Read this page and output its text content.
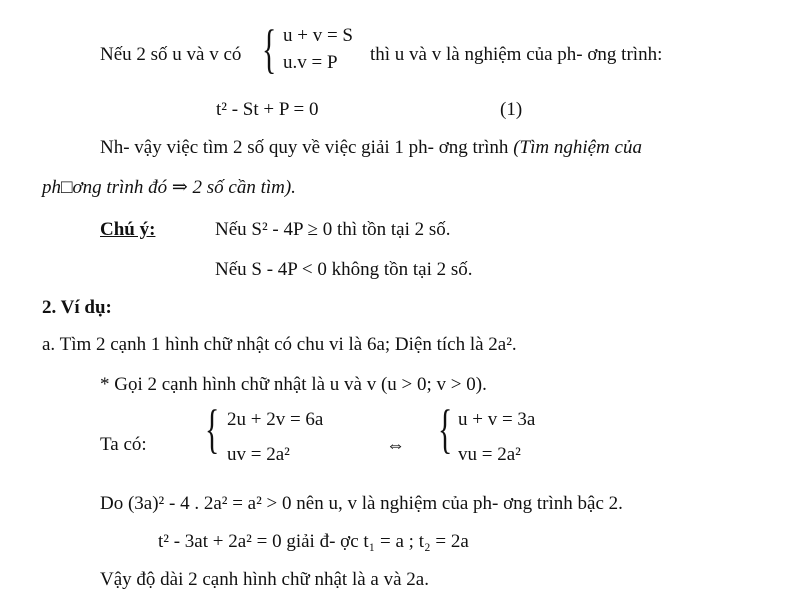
Nếu 2 số u và v có { u + v = S
u.v = P	thì u và v là nghiệm của ph- ơng trình:
t² - St + P = 0	(1)
Nh- vậy việc tìm 2 số quy về việc giải 1 ph- ơng trình (Tìm nghiệm của
ph□ơng trình đó ⇒ 2 số cần tìm).
Chú ý:	Nếu S² - 4P ≥ 0 thì tồn tại 2 số.
Nếu S - 4P < 0 không tồn tại 2 số.
2. Ví dụ:
a. Tìm 2 cạnh 1 hình chữ nhật có chu vi là 6a; Diện tích là 2a².
* Gọi 2 cạnh hình chữ nhật là u và v (u > 0; v > 0).
Ta có: { 2u + 2v = 6a
uv = 2a²	⇔ { u + v = 3a
vu = 2a²
Do (3a)² - 4 . 2a² = a² > 0 nên u, v là nghiệm của ph- ơng trình bậc 2.
t² - 3at + 2a² = 0 giải đ- ợc t₁ = a ; t₂ = 2a
Vậy độ dài 2 cạnh hình chữ nhật là a và 2a.
